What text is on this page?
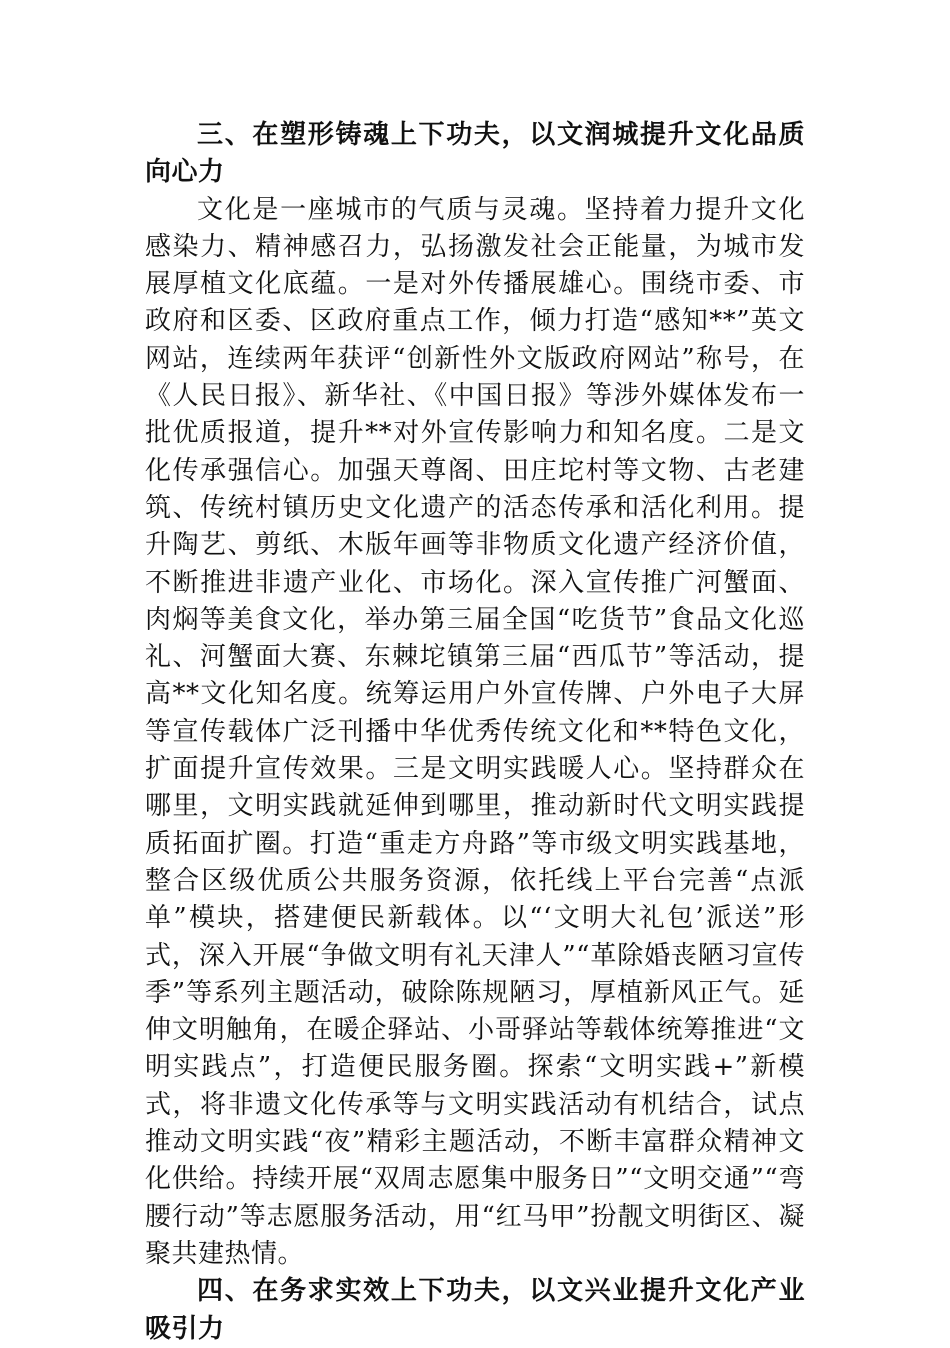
三、在塑形铸魂上下功夫，以文润城提升文化品质向心力

文化是一座城市的气质与灵魂。坚持着力提升文化感染力、精神感召力，弘扬激发社会正能量，为城市发展厚植文化底蕴。一是对外传播展雄心。围绕市委、市政府和区委、区政府重点工作，倾力打造“感知**”英文网站，连续两年获评“创新性外文版政府网站”称号，在《人民日报》、新华社、《中国日报》等涉外媒体发布一批优质报道，提升**对外宣传影响力和知名度。二是文化传承强信心。加强天尊阁、田庄坨村等文物、古老建筑、传统村镇历史文化遗产的活态传承和活化利用。提升陶艺、剪纸、木版年画等非物质文化遗产经济价值，不断推进非遗产业化、市场化。深入宣传推广河蟹面、肉焖等美食文化，举办第三届全国“吃货节”食品文化巡礼、河蟹面大赛、东棘坨镇第三届“西瓜节”等活动，提高**文化知名度。统筹运用户外宣传牌、户外电子大屏等宣传载体广泛刊播中华优秀传统文化和**特色文化，扩面提升宣传效果。三是文明实践暖人心。坚持群众在哪里，文明实践就延伸到哪里，推动新时代文明实践提质拓面扩圈。打造“重走方舟路”等市级文明实践基地，整合区级优质公共服务资源，依托线上平台完善“点派单”模块，搭建便民新载体。以“‘文明大礼包’派送”形式，深入开展“争做文明有礼天津人”“革除婚丧陋习宣传季”等系列主题活动，破除陈规陋习，厚植新风正气。延伸文明触角，在暖企驿站、小哥驿站等载体统筹推进“文明实践点”，打造便民服务圈。探索“文明实践+”新模式，将非遗文化传承等与文明实践活动有机结合，试点推动文明实践“夜”精彩主题活动，不断丰富群众精神文化供给。持续开展“双周志愿集中服务日”“文明交通”“弯腰行动”等志愿服务活动，用“红马甲”扮靓文明街区、凝聚共建热情。

四、在务求实效上下功夫，以文兴业提升文化产业吸引力
